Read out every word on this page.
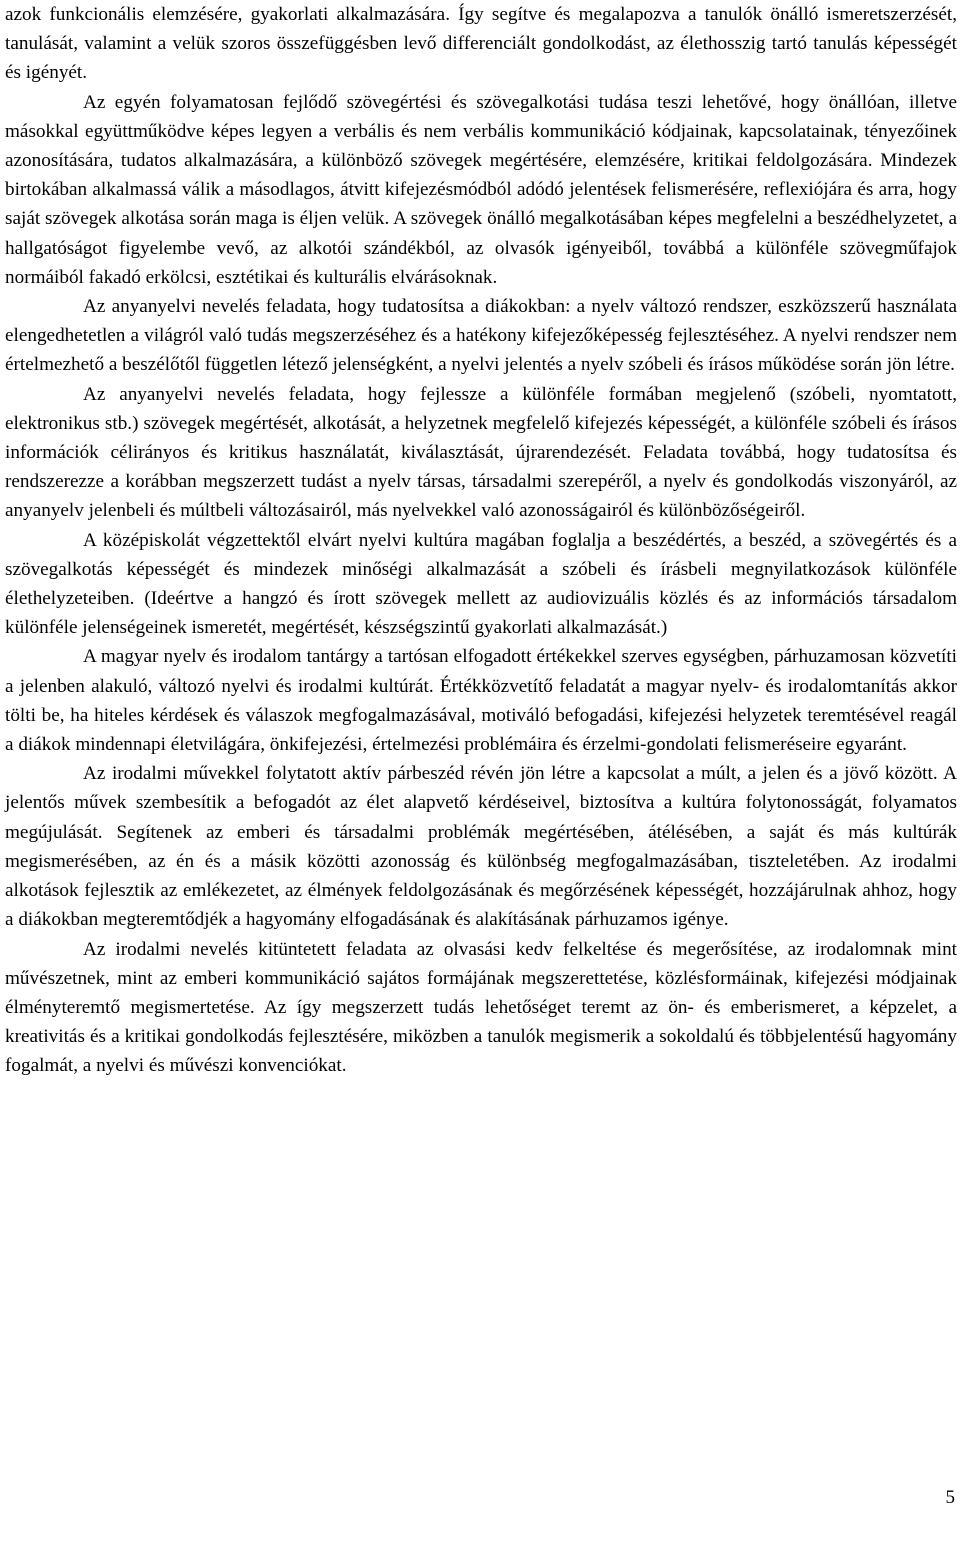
azok funkcionális elemzésére, gyakorlati alkalmazására. Így segítve és megalapozva a tanulók önálló ismeretszerzését, tanulását, valamint a velük szoros összefüggésben levő differenciált gondolkodást, az élethosszig tartó tanulás képességét és igényét.

Az egyén folyamatosan fejlődő szövegértési és szövegalkotási tudása teszi lehetővé, hogy önállóan, illetve másokkal együttműködve képes legyen a verbális és nem verbális kommunikáció kódjainak, kapcsolatainak, tényezőinek azonosítására, tudatos alkalmazására, a különböző szövegek megértésére, elemzésére, kritikai feldolgozására. Mindezek birtokában alkalmassá válik a másodlagos, átvitt kifejezésmódból adódó jelentések felismerésére, reflexiójára és arra, hogy saját szövegek alkotása során maga is éljen velük. A szövegek önálló megalkotásában képes megfelelni a beszédhelyzetet, a hallgatóságot figyelembe vevő, az alkotói szándékból, az olvasók igényeiből, továbbá a különféle szövegműfajok normáiból fakadó erkölcsi, esztétikai és kulturális elvárásoknak.

Az anyanyelvi nevelés feladata, hogy tudatosítsa a diákokban: a nyelv változó rendszer, eszközszerű használata elengedhetetlen a világról való tudás megszerzéséhez és a hatékony kifejezőképesség fejlesztéséhez. A nyelvi rendszer nem értelmezhető a beszélőtől független létező jelenségként, a nyelvi jelentés a nyelv szóbeli és írásos működése során jön létre.

Az anyanyelvi nevelés feladata, hogy fejlessze a különféle formában megjelenő (szóbeli, nyomtatott, elektronikus stb.) szövegek megértését, alkotását, a helyzetnek megfelelő kifejezés képességét, a különféle szóbeli és írásos információk célirányos és kritikus használatát, kiválasztását, újrarendezését. Feladata továbbá, hogy tudatosítsa és rendszerezze a korábban megszerzett tudást a nyelv társas, társadalmi szerepéről, a nyelv és gondolkodás viszonyáról, az anyanyelv jelenbeli és múltbeli változásairól, más nyelvekkel való azonosságairól és különbözőségeiről.

A középiskolát végzettektől elvárt nyelvi kultúra magában foglalja a beszédértés, a beszéd, a szövegértés és a szövegalkotás képességét és mindezek minőségi alkalmazását a szóbeli és írásbeli megnyilatkozások különféle élethelyzeteiben. (Ideértve a hangzó és írott szövegek mellett az audiovizuális közlés és az információs társadalom különféle jelenségeinek ismeretét, megértését, készségszintű gyakorlati alkalmazását.)

A magyar nyelv és irodalom tantárgy a tartósan elfogadott értékekkel szerves egységben, párhuzamosan közvetíti a jelenben alakuló, változó nyelvi és irodalmi kultúrát. Értékközvetítő feladatát a magyar nyelv- és irodalomtanítás akkor tölti be, ha hiteles kérdések és válaszok megfogalmazásával, motiváló befogadási, kifejezési helyzetek teremtésével reagál a diákok mindennapi életvilágára, önkifejezési, értelmezési problémáira és érzelmi-gondolati felismeréseire egyaránt.

Az irodalmi művekkel folytatott aktív párbeszéd révén jön létre a kapcsolat a múlt, a jelen és a jövő között. A jelentős művek szembesítik a befogadót az élet alapvető kérdéseivel, biztosítva a kultúra folytonosságát, folyamatos megújulását. Segítenek az emberi és társadalmi problémák megértésében, átélésében, a saját és más kultúrák megismerésében, az én és a másik közötti azonosság és különbség megfogalmazásában, tiszteletében. Az irodalmi alkotások fejlesztik az emlékezetet, az élmények feldolgozásának és megőrzésének képességét, hozzájárulnak ahhoz, hogy a diákokban megteremtődjék a hagyomány elfogadásának és alakításának párhuzamos igénye.

Az irodalmi nevelés kitüntetett feladata az olvasási kedv felkeltése és megerősítése, az irodalomnak mint művészetnek, mint az emberi kommunikáció sajátos formájának megszerettetése, közlésformáinak, kifejezési módjainak élményteremtő megismertetése. Az így megszerzett tudás lehetőséget teremt az ön- és emberismeret, a képzelet, a kreativitás és a kritikai gondolkodás fejlesztésére, miközben a tanulók megismerik a sokoldalú és többjelentésű hagyomány fogalmát, a nyelvi és művészi konvenciókat.

5
